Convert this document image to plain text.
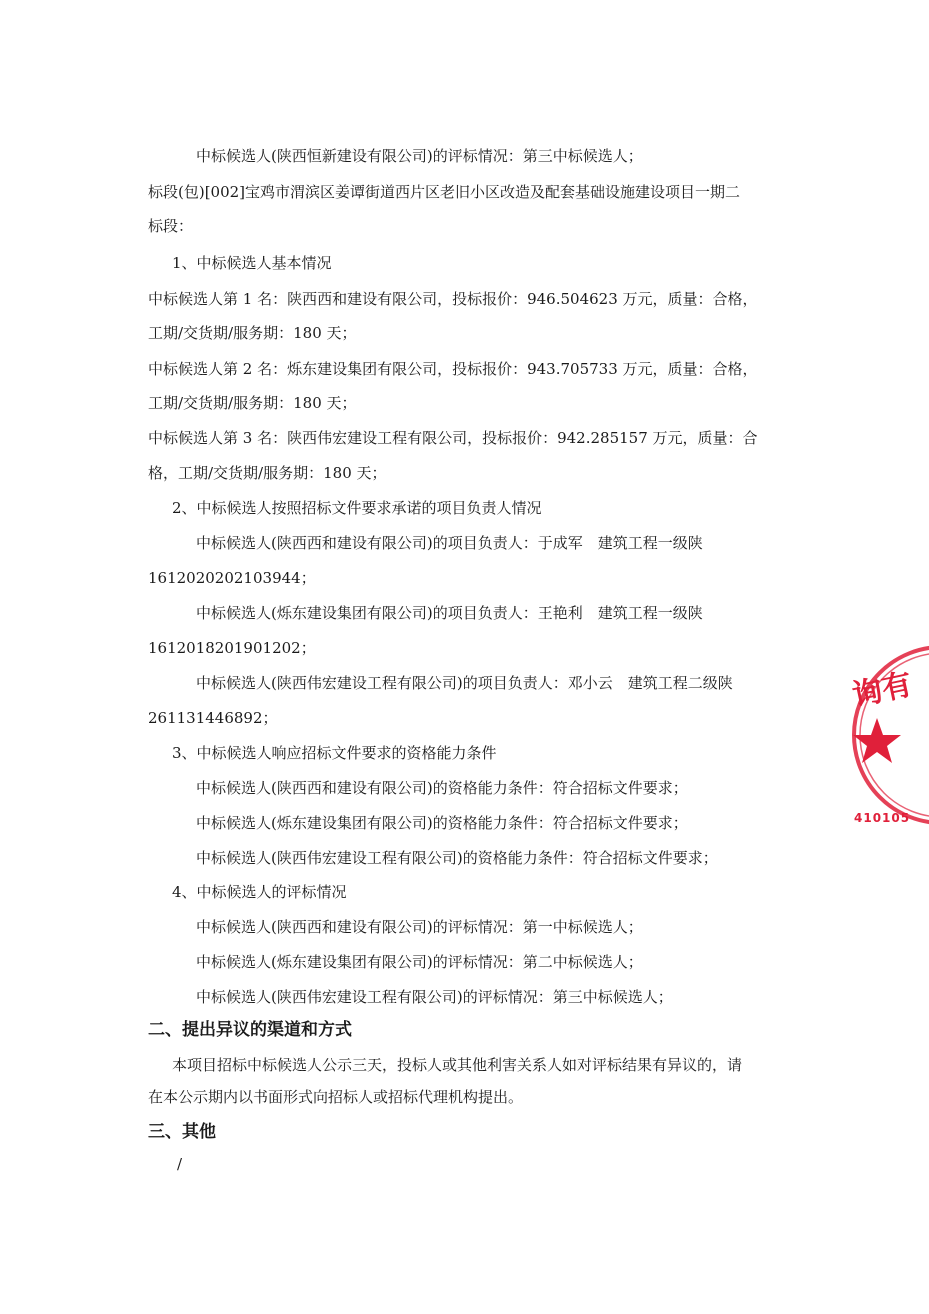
中标候选人(陕西恒新建设有限公司)的评标情况：第三中标候选人；
标段(包)[002]宝鸡市渭滨区姜谭街道西片区老旧小区改造及配套基础设施建设项目一期二
标段：
1、中标候选人基本情况
中标候选人第 1 名：陕西西和建设有限公司，投标报价：946.504623 万元，质量：合格，
工期/交货期/服务期：180 天；
中标候选人第 2 名：烁东建设集团有限公司，投标报价：943.705733 万元，质量：合格，
工期/交货期/服务期：180 天；
中标候选人第 3 名：陕西伟宏建设工程有限公司，投标报价：942.285157 万元，质量：合
格，工期/交货期/服务期：180 天；
2、中标候选人按照招标文件要求承诺的项目负责人情况
中标候选人(陕西西和建设有限公司)的项目负责人：于成军　建筑工程一级陕
1612020202103944；
中标候选人(烁东建设集团有限公司)的项目负责人：王艳利　建筑工程一级陕
1612018201901202；
中标候选人(陕西伟宏建设工程有限公司)的项目负责人：邓小云　建筑工程二级陕
261131446892；
3、中标候选人响应招标文件要求的资格能力条件
中标候选人(陕西西和建设有限公司)的资格能力条件：符合招标文件要求；
中标候选人(烁东建设集团有限公司)的资格能力条件：符合招标文件要求；
中标候选人(陕西伟宏建设工程有限公司)的资格能力条件：符合招标文件要求；
4、中标候选人的评标情况
中标候选人(陕西西和建设有限公司)的评标情况：第一中标候选人；
中标候选人(烁东建设集团有限公司)的评标情况：第二中标候选人；
中标候选人(陕西伟宏建设工程有限公司)的评标情况：第三中标候选人；
二、提出异议的渠道和方式
本项目招标中标候选人公示三天，投标人或其他利害关系人如对评标结果有异议的，请
在本公示期内以书面形式向招标人或招标代理机构提出。
三、其他
/
询有
410105
